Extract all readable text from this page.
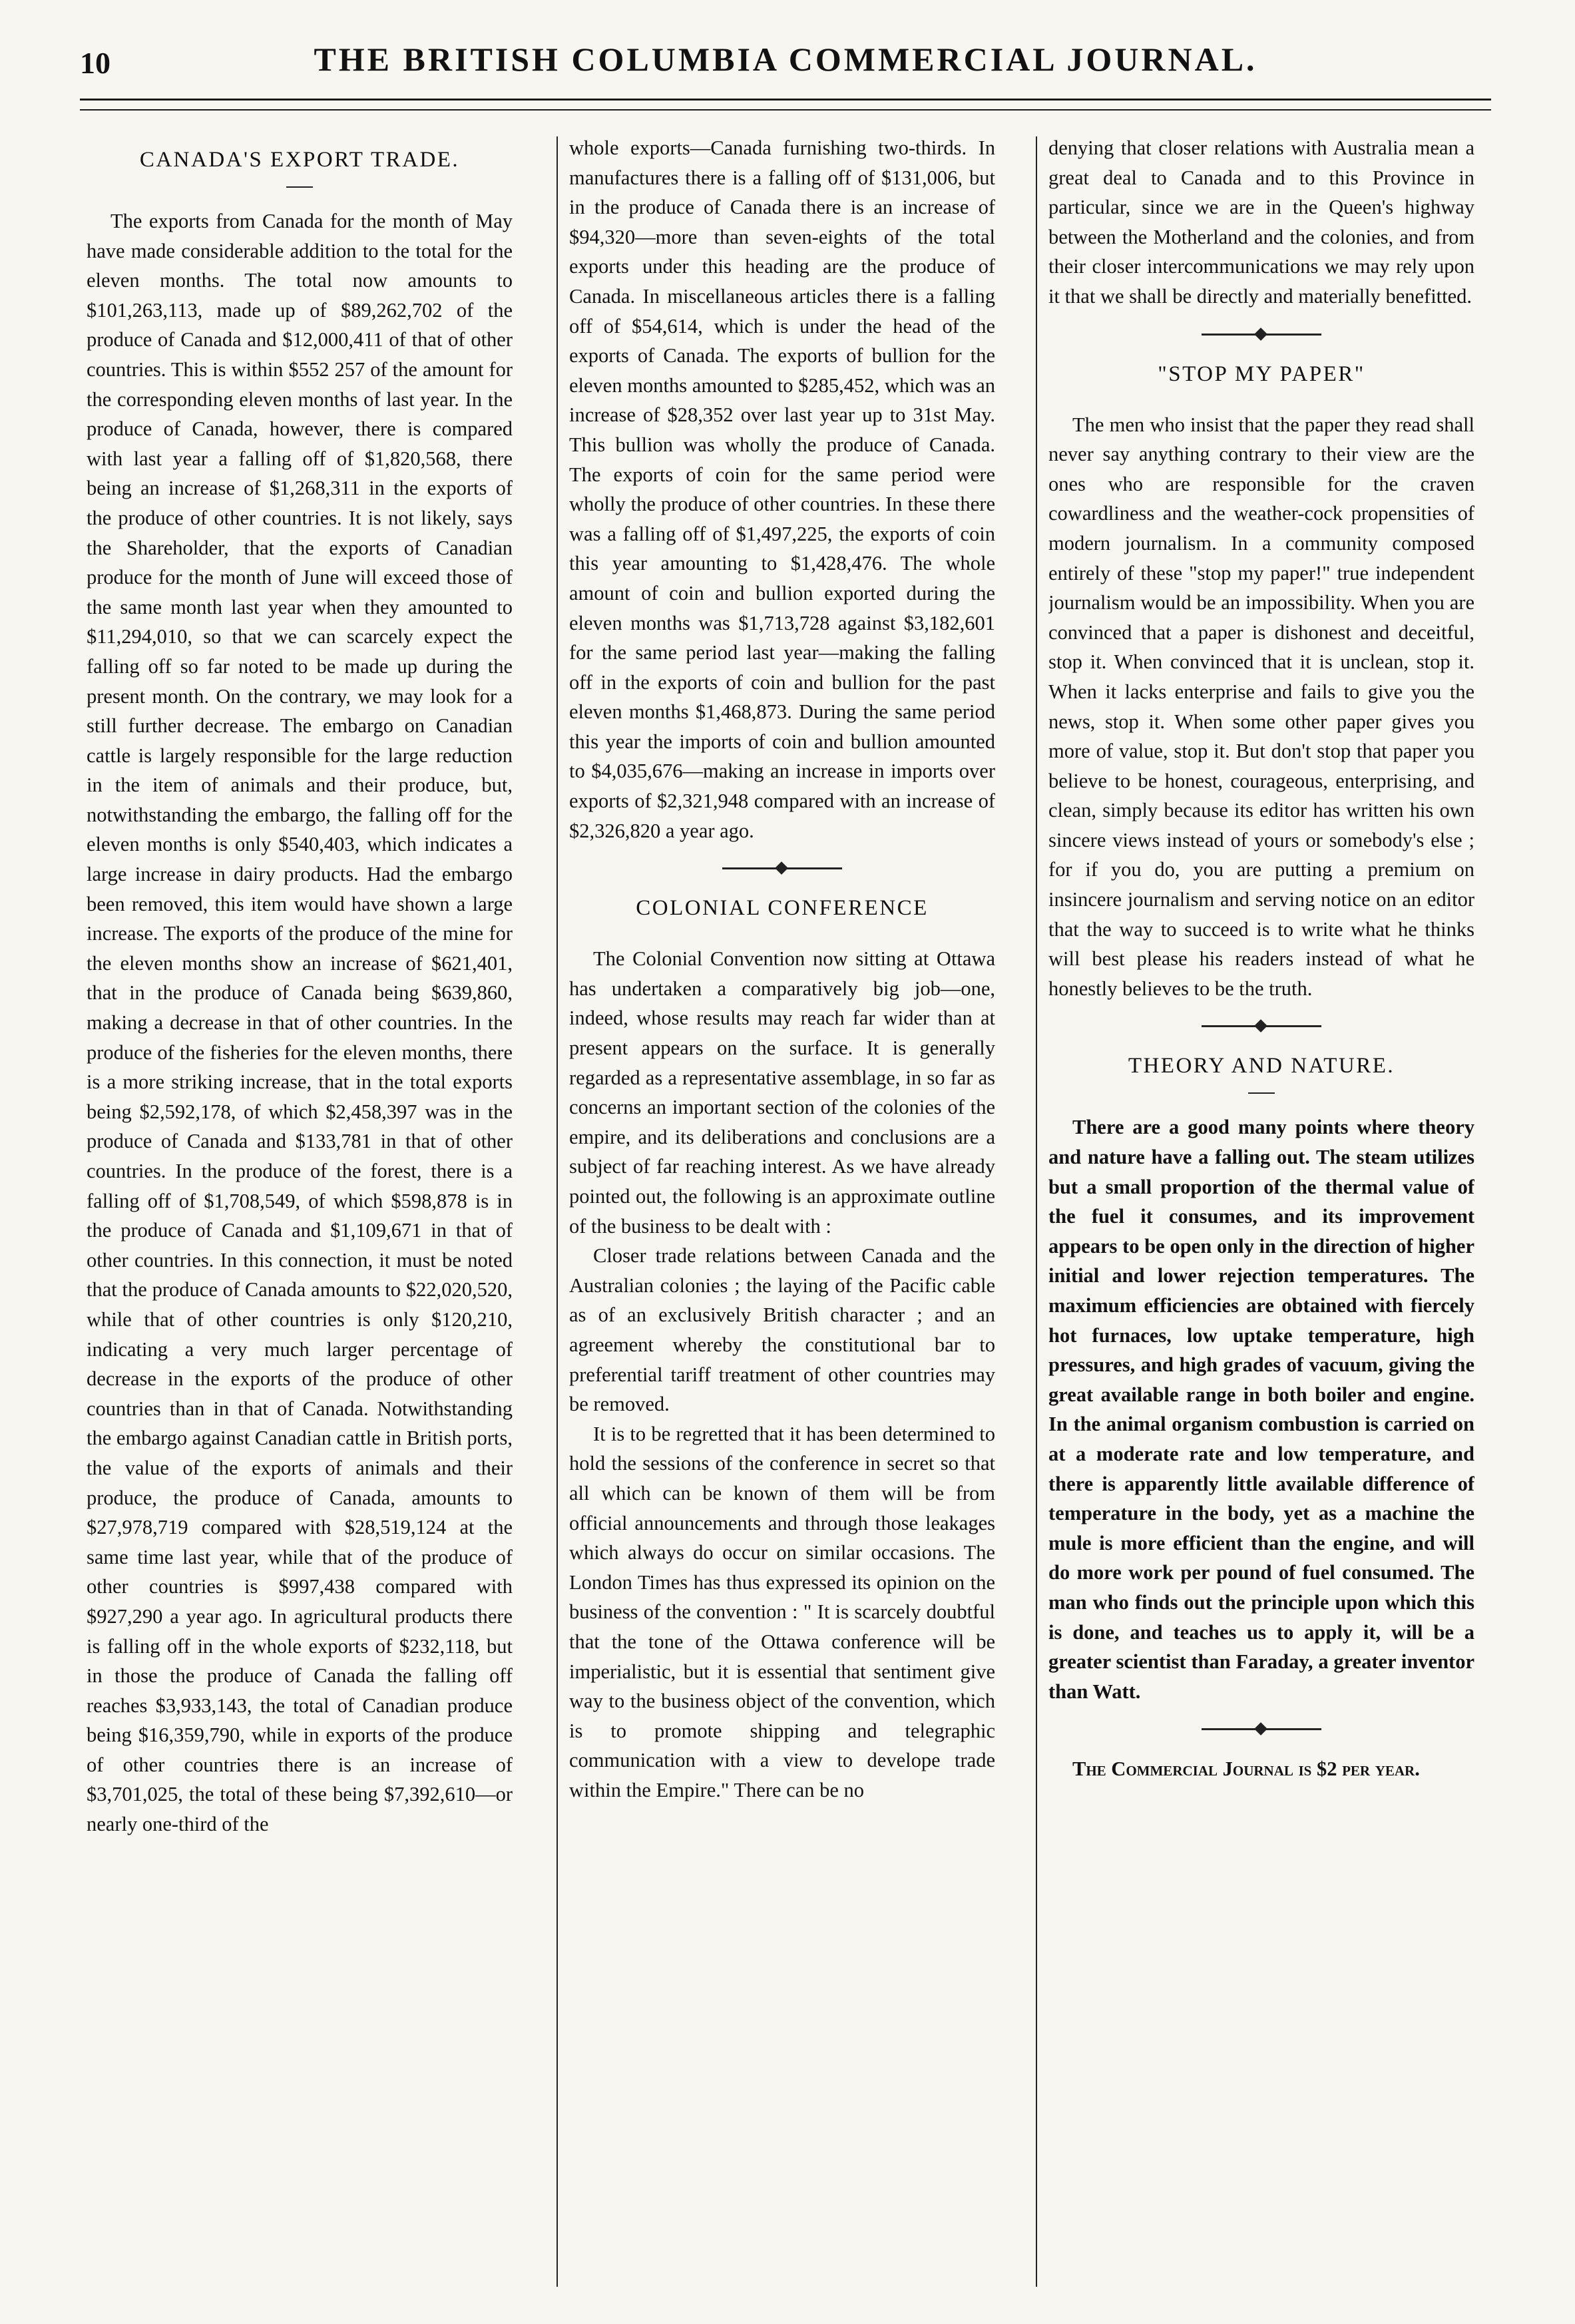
10	THE BRITISH COLUMBIA COMMERCIAL JOURNAL.
CANADA'S EXPORT TRADE.

The exports from Canada for the month of May have made considerable addition to the total for the eleven months. The total now amounts to $101,263,113, made up of $89,262,702 of the produce of Canada and $12,000,411 of that of other countries. This is within $552 257 of the amount for the corresponding eleven months of last year. In the produce of Canada, however, there is compared with last year a falling off of $1,820,568, there being an increase of $1,268,311 in the exports of the produce of other countries. It is not likely, says the Shareholder, that the exports of Canadian produce for the month of June will exceed those of the same month last year when they amounted to $11,294,010, so that we can scarcely expect the falling off so far noted to be made up during the present month. On the contrary, we may look for a still further decrease. The embargo on Canadian cattle is largely responsible for the large reduction in the item of animals and their produce, but, notwithstanding the embargo, the falling off for the eleven months is only $540,403, which indicates a large increase in dairy products. Had the embargo been removed, this item would have shown a large increase. The exports of the produce of the mine for the eleven months show an increase of $621,401, that in the produce of Canada being $639,860, making a decrease in that of other countries. In the produce of the fisheries for the eleven months, there is a more striking increase, that in the total exports being $2,592,178, of which $2,458,397 was in the produce of Canada and $133,781 in that of other countries. In the produce of the forest, there is a falling off of $1,708,549, of which $598,878 is in the produce of Canada and $1,109,671 in that of other countries. In this connection, it must be noted that the produce of Canada amounts to $22,020,520, while that of other countries is only $120,210, indicating a very much larger percentage of decrease in the exports of the produce of other countries than in that of Canada. Notwithstanding the embargo against Canadian cattle in British ports, the value of the exports of animals and their produce, the produce of Canada, amounts to $27,978,719 compared with $28,519,124 at the same time last year, while that of the produce of other countries is $997,438 compared with $927,290 a year ago. In agricultural products there is falling off in the whole exports of $232,118, but in those the produce of Canada the falling off reaches $3,933,143, the total of Canadian produce being $16,359,790, while in exports of the produce of other countries there is an increase of $3,701,025, the total of these being $7,392,610—or nearly one-third of the

whole exports—Canada furnishing two-thirds. In manufactures there is a falling off of $131,006, but in the produce of Canada there is an increase of $94,320—more than seven-eights of the total exports under this heading are the produce of Canada. In miscellaneous articles there is a falling off of $54,614, which is under the head of the exports of Canada. The exports of bullion for the eleven months amounted to $285,452, which was an increase of $28,352 over last year up to 31st May. This bullion was wholly the produce of Canada. The exports of coin for the same period were wholly the produce of other countries. In these there was a falling off of $1,497,225, the exports of coin this year amounting to $1,428,476. The whole amount of coin and bullion exported during the eleven months was $1,713,728 against $3,182,601 for the same period last year—making the falling off in the exports of coin and bullion for the past eleven months $1,468,873. During the same period this year the imports of coin and bullion amounted to $4,035,676—making an increase in imports over exports of $2,321,948 compared with an increase of $2,326,820 a year ago.

COLONIAL CONFERENCE

The Colonial Convention now sitting at Ottawa has undertaken a comparatively big job—one, indeed, whose results may reach far wider than at present appears on the surface. It is generally regarded as a representative assemblage, in so far as concerns an important section of the colonies of the empire, and its deliberations and conclusions are a subject of far reaching interest. As we have already pointed out, the following is an approximate outline of the business to be dealt with :

Closer trade relations between Canada and the Australian colonies ; the laying of the Pacific cable as of an exclusively British character ; and an agreement whereby the constitutional bar to preferential tariff treatment of other countries may be removed.

It is to be regretted that it has been determined to hold the sessions of the conference in secret so that all which can be known of them will be from official announcements and through those leakages which always do occur on similar occasions. The London Times has thus expressed its opinion on the business of the convention : " It is scarcely doubtful that the tone of the Ottawa conference will be imperialistic, but it is essential that sentiment give way to the business object of the convention, which is to promote shipping and telegraphic communication with a view to develope trade within the Empire." There can be no

denying that closer relations with Australia mean a great deal to Canada and to this Province in particular, since we are in the Queen's highway between the Motherland and the colonies, and from their closer intercommunications we may rely upon it that we shall be directly and materially benefitted.

"STOP MY PAPER"

The men who insist that the paper they read shall never say anything contrary to their view are the ones who are responsible for the craven cowardliness and the weather-cock propensities of modern journalism. In a community composed entirely of these "stop my paper!" true independent journalism would be an impossibility. When you are convinced that a paper is dishonest and deceitful, stop it. When convinced that it is unclean, stop it. When it lacks enterprise and fails to give you the news, stop it. When some other paper gives you more of value, stop it. But don't stop that paper you believe to be honest, courageous, enterprising, and clean, simply because its editor has written his own sincere views instead of yours or somebody's else ; for if you do, you are putting a premium on insincere journalism and serving notice on an editor that the way to succeed is to write what he thinks will best please his readers instead of what he honestly believes to be the truth.

THEORY AND NATURE.

There are a good many points where theory and nature have a falling out. The steam utilizes but a small proportion of the thermal value of the fuel it consumes, and its improvement appears to be open only in the direction of higher initial and lower rejection temperatures. The maximum efficiencies are obtained with fiercely hot furnaces, low uptake temperature, high pressures, and high grades of vacuum, giving the great available range in both boiler and engine. In the animal organism combustion is carried on at a moderate rate and low temperature, and there is apparently little available difference of temperature in the body, yet as a machine the mule is more efficient than the engine, and will do more work per pound of fuel consumed. The man who finds out the principle upon which this is done, and teaches us to apply it, will be a greater scientist than Faraday, a greater inventor than Watt.

The Commercial Journal is $2 per year.
